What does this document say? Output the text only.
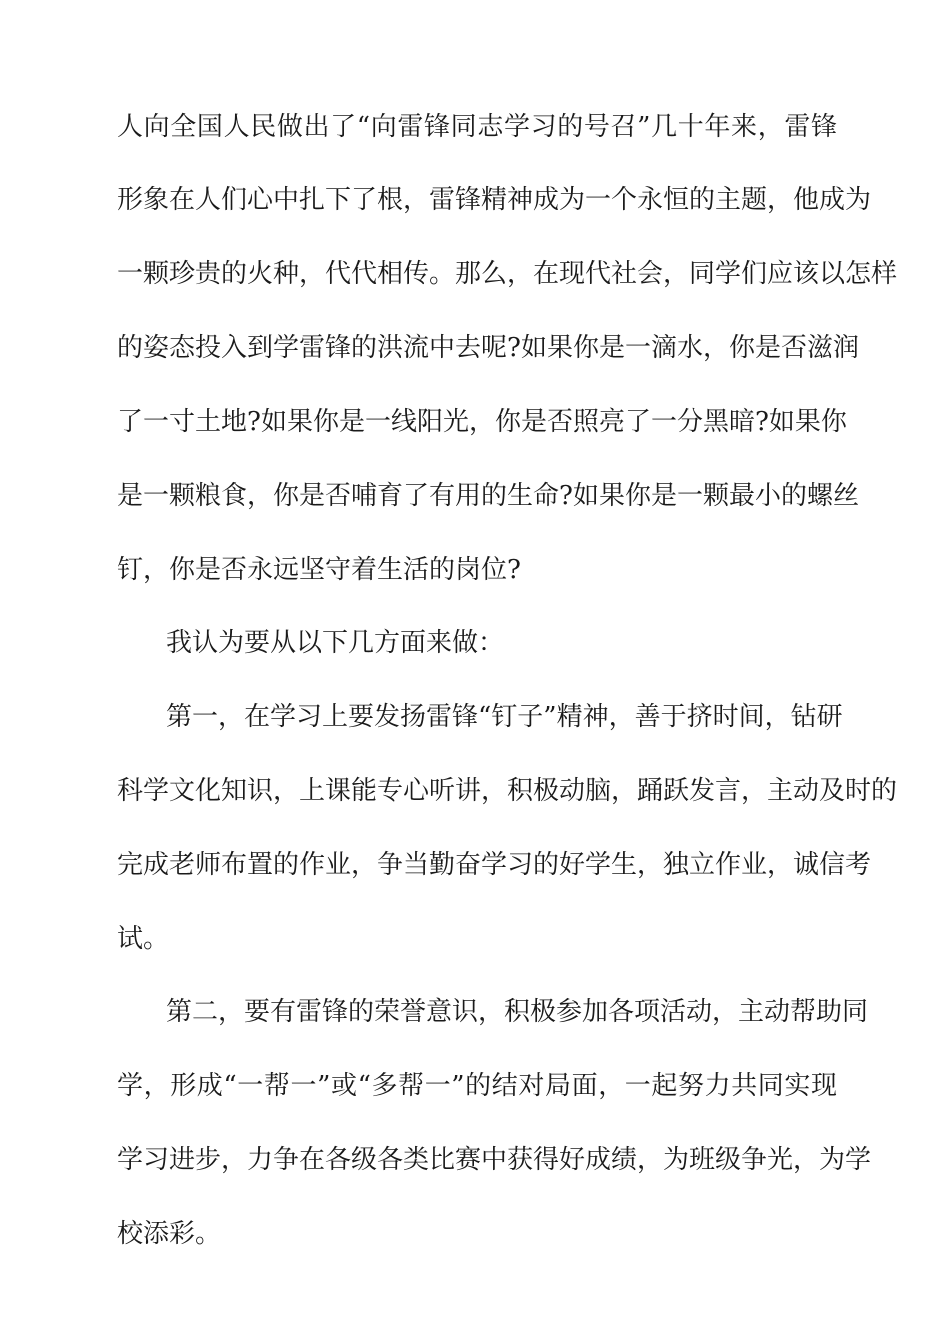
人向全国人民做出了“向雷锋同志学习的号召”几十年来，雷锋
形象在人们心中扎下了根，雷锋精神成为一个永恒的主题，他成为
一颗珍贵的火种，代代相传。那么，在现代社会，同学们应该以怎样
的姿态投入到学雷锋的洪流中去呢?如果你是一滴水，你是否滋润
了一寸土地?如果你是一线阳光，你是否照亮了一分黑暗?如果你
是一颗粮食，你是否哺育了有用的生命?如果你是一颗最小的螺丝
钉，你是否永远坚守着生活的岗位?
我认为要从以下几方面来做：
第一，在学习上要发扬雷锋“钉子”精神，善于挤时间，钻研
科学文化知识，上课能专心听讲，积极动脑，踊跃发言，主动及时的
完成老师布置的作业，争当勤奋学习的好学生，独立作业，诚信考
试。
第二，要有雷锋的荣誉意识，积极参加各项活动，主动帮助同
学，形成“一帮一”或“多帮一”的结对局面，一起努力共同实现
学习进步，力争在各级各类比赛中获得好成绩，为班级争光，为学
校添彩。
